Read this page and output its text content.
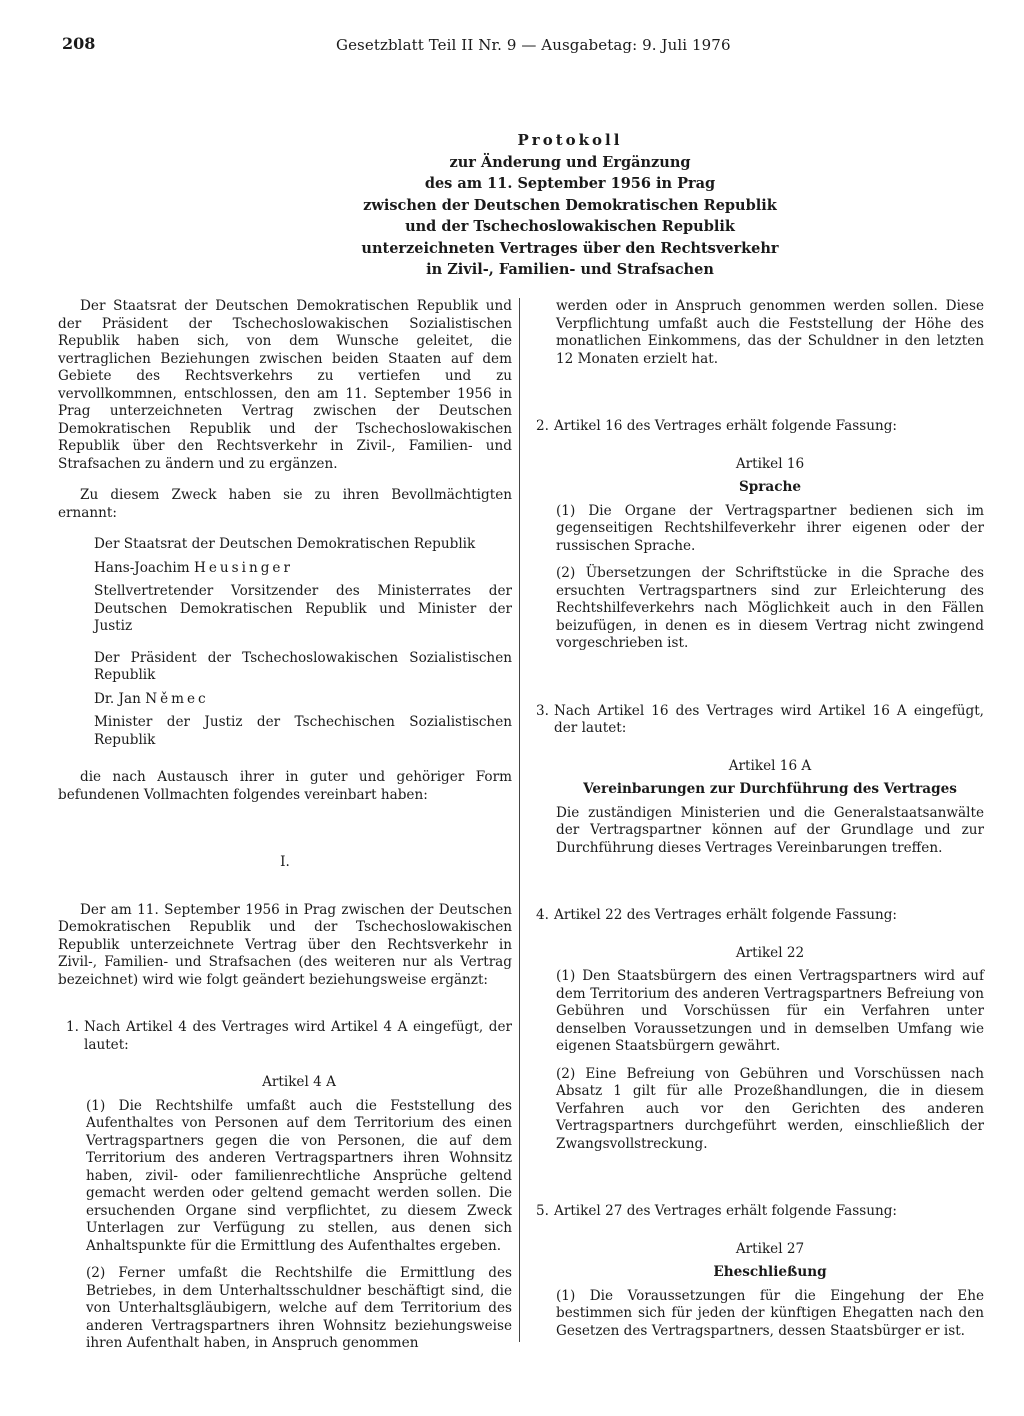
208	Gesetzblatt Teil II Nr. 9 — Ausgabetag: 9. Juli 1976
Protokoll
zur Änderung und Ergänzung
des am 11. September 1956 in Prag
zwischen der Deutschen Demokratischen Republik
und der Tschechoslowakischen Republik
unterzeichneten Vertrages über den Rechtsverkehr
in Zivil-, Familien- und Strafsachen

Der Staatsrat der Deutschen Demokratischen Republik und der Präsident der Tschechoslowakischen Sozialistischen Republik haben sich, von dem Wunsche geleitet, die vertraglichen Beziehungen zwischen beiden Staaten auf dem Gebiete des Rechtsverkehrs zu vertiefen und zu vervollkommnen, entschlossen, den am 11. September 1956 in Prag unterzeichneten Vertrag zwischen der Deutschen Demokratischen Republik und der Tschechoslowakischen Republik über den Rechtsverkehr in Zivil-, Familien- und Strafsachen zu ändern und zu ergänzen.

Zu diesem Zweck haben sie zu ihren Bevollmächtigten ernannt:

Der Staatsrat der Deutschen Demokratischen Republik

Hans-Joachim Heusinger

Stellvertretender Vorsitzender des Ministerrates der Deutschen Demokratischen Republik und Minister der Justiz

Der Präsident der Tschechoslowakischen Sozialistischen Republik

Dr. Jan Němec

Minister der Justiz der Tschechischen Sozialistischen Republik

die nach Austausch ihrer in guter und gehöriger Form befundenen Vollmachten folgendes vereinbart haben:

I.

Der am 11. September 1956 in Prag zwischen der Deutschen Demokratischen Republik und der Tschechoslowakischen Republik unterzeichnete Vertrag über den Rechtsverkehr in Zivil-, Familien- und Strafsachen (des weiteren nur als Vertrag bezeichnet) wird wie folgt geändert beziehungsweise ergänzt:

1. Nach Artikel 4 des Vertrages wird Artikel 4 A eingefügt, der lautet:

Artikel 4 A

(1) Die Rechtshilfe umfaßt auch die Feststellung des Aufenthaltes von Personen auf dem Territorium des einen Vertragspartners gegen die von Personen, die auf dem Territorium des anderen Vertragspartners ihren Wohnsitz haben, zivil- oder familienrechtliche Ansprüche geltend gemacht werden oder geltend gemacht werden sollen. Die ersuchenden Organe sind verpflichtet, zu diesem Zweck Unterlagen zur Verfügung zu stellen, aus denen sich Anhaltspunkte für die Ermittlung des Aufenthaltes ergeben.

(2) Ferner umfaßt die Rechtshilfe die Ermittlung des Betriebes, in dem Unterhaltsschuldner beschäftigt sind, die von Unterhaltsgläubigern, welche auf dem Territorium des anderen Vertragspartners ihren Wohnsitz beziehungsweise ihren Aufenthalt haben, in Anspruch genommen

werden oder in Anspruch genommen werden sollen. Diese Verpflichtung umfaßt auch die Feststellung der Höhe des monatlichen Einkommens, das der Schuldner in den letzten 12 Monaten erzielt hat.

2. Artikel 16 des Vertrages erhält folgende Fassung:

Artikel 16

Sprache

(1) Die Organe der Vertragspartner bedienen sich im gegenseitigen Rechtshilfeverkehr ihrer eigenen oder der russischen Sprache.

(2) Übersetzungen der Schriftstücke in die Sprache des ersuchten Vertragspartners sind zur Erleichterung des Rechtshilfeverkehrs nach Möglichkeit auch in den Fällen beizufügen, in denen es in diesem Vertrag nicht zwingend vorgeschrieben ist.

3. Nach Artikel 16 des Vertrages wird Artikel 16 A eingefügt, der lautet:

Artikel 16 A

Vereinbarungen zur Durchführung des Vertrages

Die zuständigen Ministerien und die Generalstaatsanwälte der Vertragspartner können auf der Grundlage und zur Durchführung dieses Vertrages Vereinbarungen treffen.

4. Artikel 22 des Vertrages erhält folgende Fassung:

Artikel 22

(1) Den Staatsbürgern des einen Vertragspartners wird auf dem Territorium des anderen Vertragspartners Befreiung von Gebühren und Vorschüssen für ein Verfahren unter denselben Voraussetzungen und in demselben Umfang wie eigenen Staatsbürgern gewährt.

(2) Eine Befreiung von Gebühren und Vorschüssen nach Absatz 1 gilt für alle Prozeßhandlungen, die in diesem Verfahren auch vor den Gerichten des anderen Vertragspartners durchgeführt werden, einschließlich der Zwangsvollstreckung.

5. Artikel 27 des Vertrages erhält folgende Fassung:

Artikel 27

Eheschließung

(1) Die Voraussetzungen für die Eingehung der Ehe bestimmen sich für jeden der künftigen Ehegatten nach den Gesetzen des Vertragspartners, dessen Staatsbürger er ist.
